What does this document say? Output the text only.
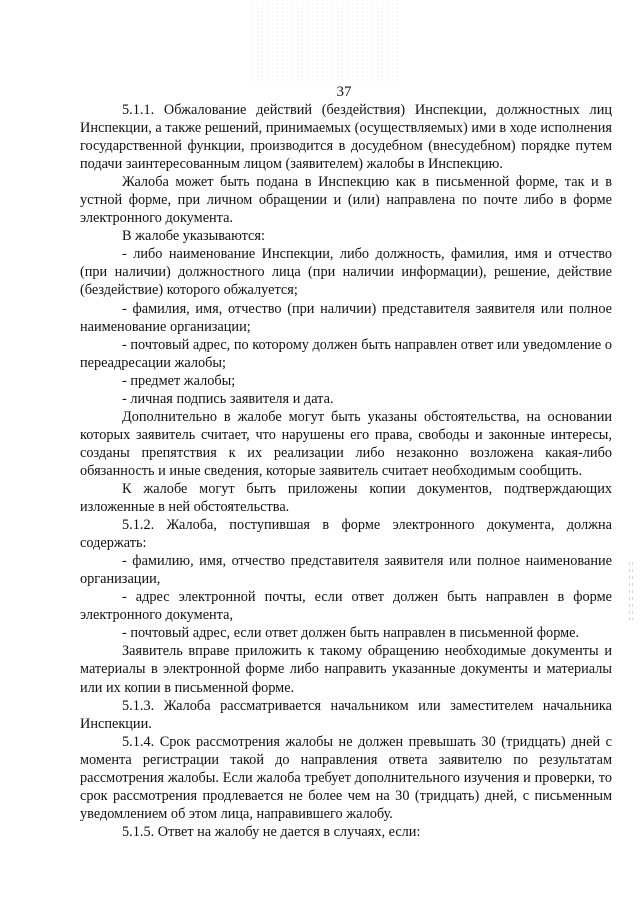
37

5.1.1. Обжалование действий (бездействия) Инспекции, должностных лиц Инспекции, а также решений, принимаемых (осуществляемых) ими в ходе исполнения государственной функции, производится в досудебном (внесудебном) порядке путем подачи заинтересованным лицом (заявителем) жалобы в Инспекцию.

Жалоба может быть подана в Инспекцию как в письменной форме, так и в устной форме, при личном обращении и (или) направлена по почте либо в форме электронного документа.

В жалобе указываются:

- либо наименование Инспекции, либо должность, фамилия, имя и отчество (при наличии) должностного лица (при наличии информации), решение, действие (бездействие) которого обжалуется;

- фамилия, имя, отчество (при наличии) представителя заявителя или полное наименование организации;

- почтовый адрес, по которому должен быть направлен ответ или уведомление о переадресации жалобы;

- предмет жалобы;

- личная подпись заявителя и дата.

Дополнительно в жалобе могут быть указаны обстоятельства, на основании которых заявитель считает, что нарушены его права, свободы и законные интересы, созданы препятствия к их реализации либо незаконно возложена какая-либо обязанность и иные сведения, которые заявитель считает необходимым сообщить.

К жалобе могут быть приложены копии документов, подтверждающих изложенные в ней обстоятельства.

5.1.2. Жалоба, поступившая в форме электронного документа, должна содержать:

- фамилию, имя, отчество представителя заявителя или полное наименование организации,

- адрес электронной почты, если ответ должен быть направлен в форме электронного документа,

- почтовый адрес, если ответ должен быть направлен в письменной форме.

Заявитель вправе приложить к такому обращению необходимые документы и материалы в электронной форме либо направить указанные документы и материалы или их копии в письменной форме.

5.1.3. Жалоба рассматривается начальником или заместителем начальника Инспекции.

5.1.4. Срок рассмотрения жалобы не должен превышать 30 (тридцать) дней с момента регистрации такой до направления ответа заявителю по результатам рассмотрения жалобы. Если жалоба требует дополнительного изучения и проверки, то срок рассмотрения продлевается не более чем на 30 (тридцать) дней, с письменным уведомлением об этом лица, направившего жалобу.

5.1.5. Ответ на жалобу не дается в случаях, если:
